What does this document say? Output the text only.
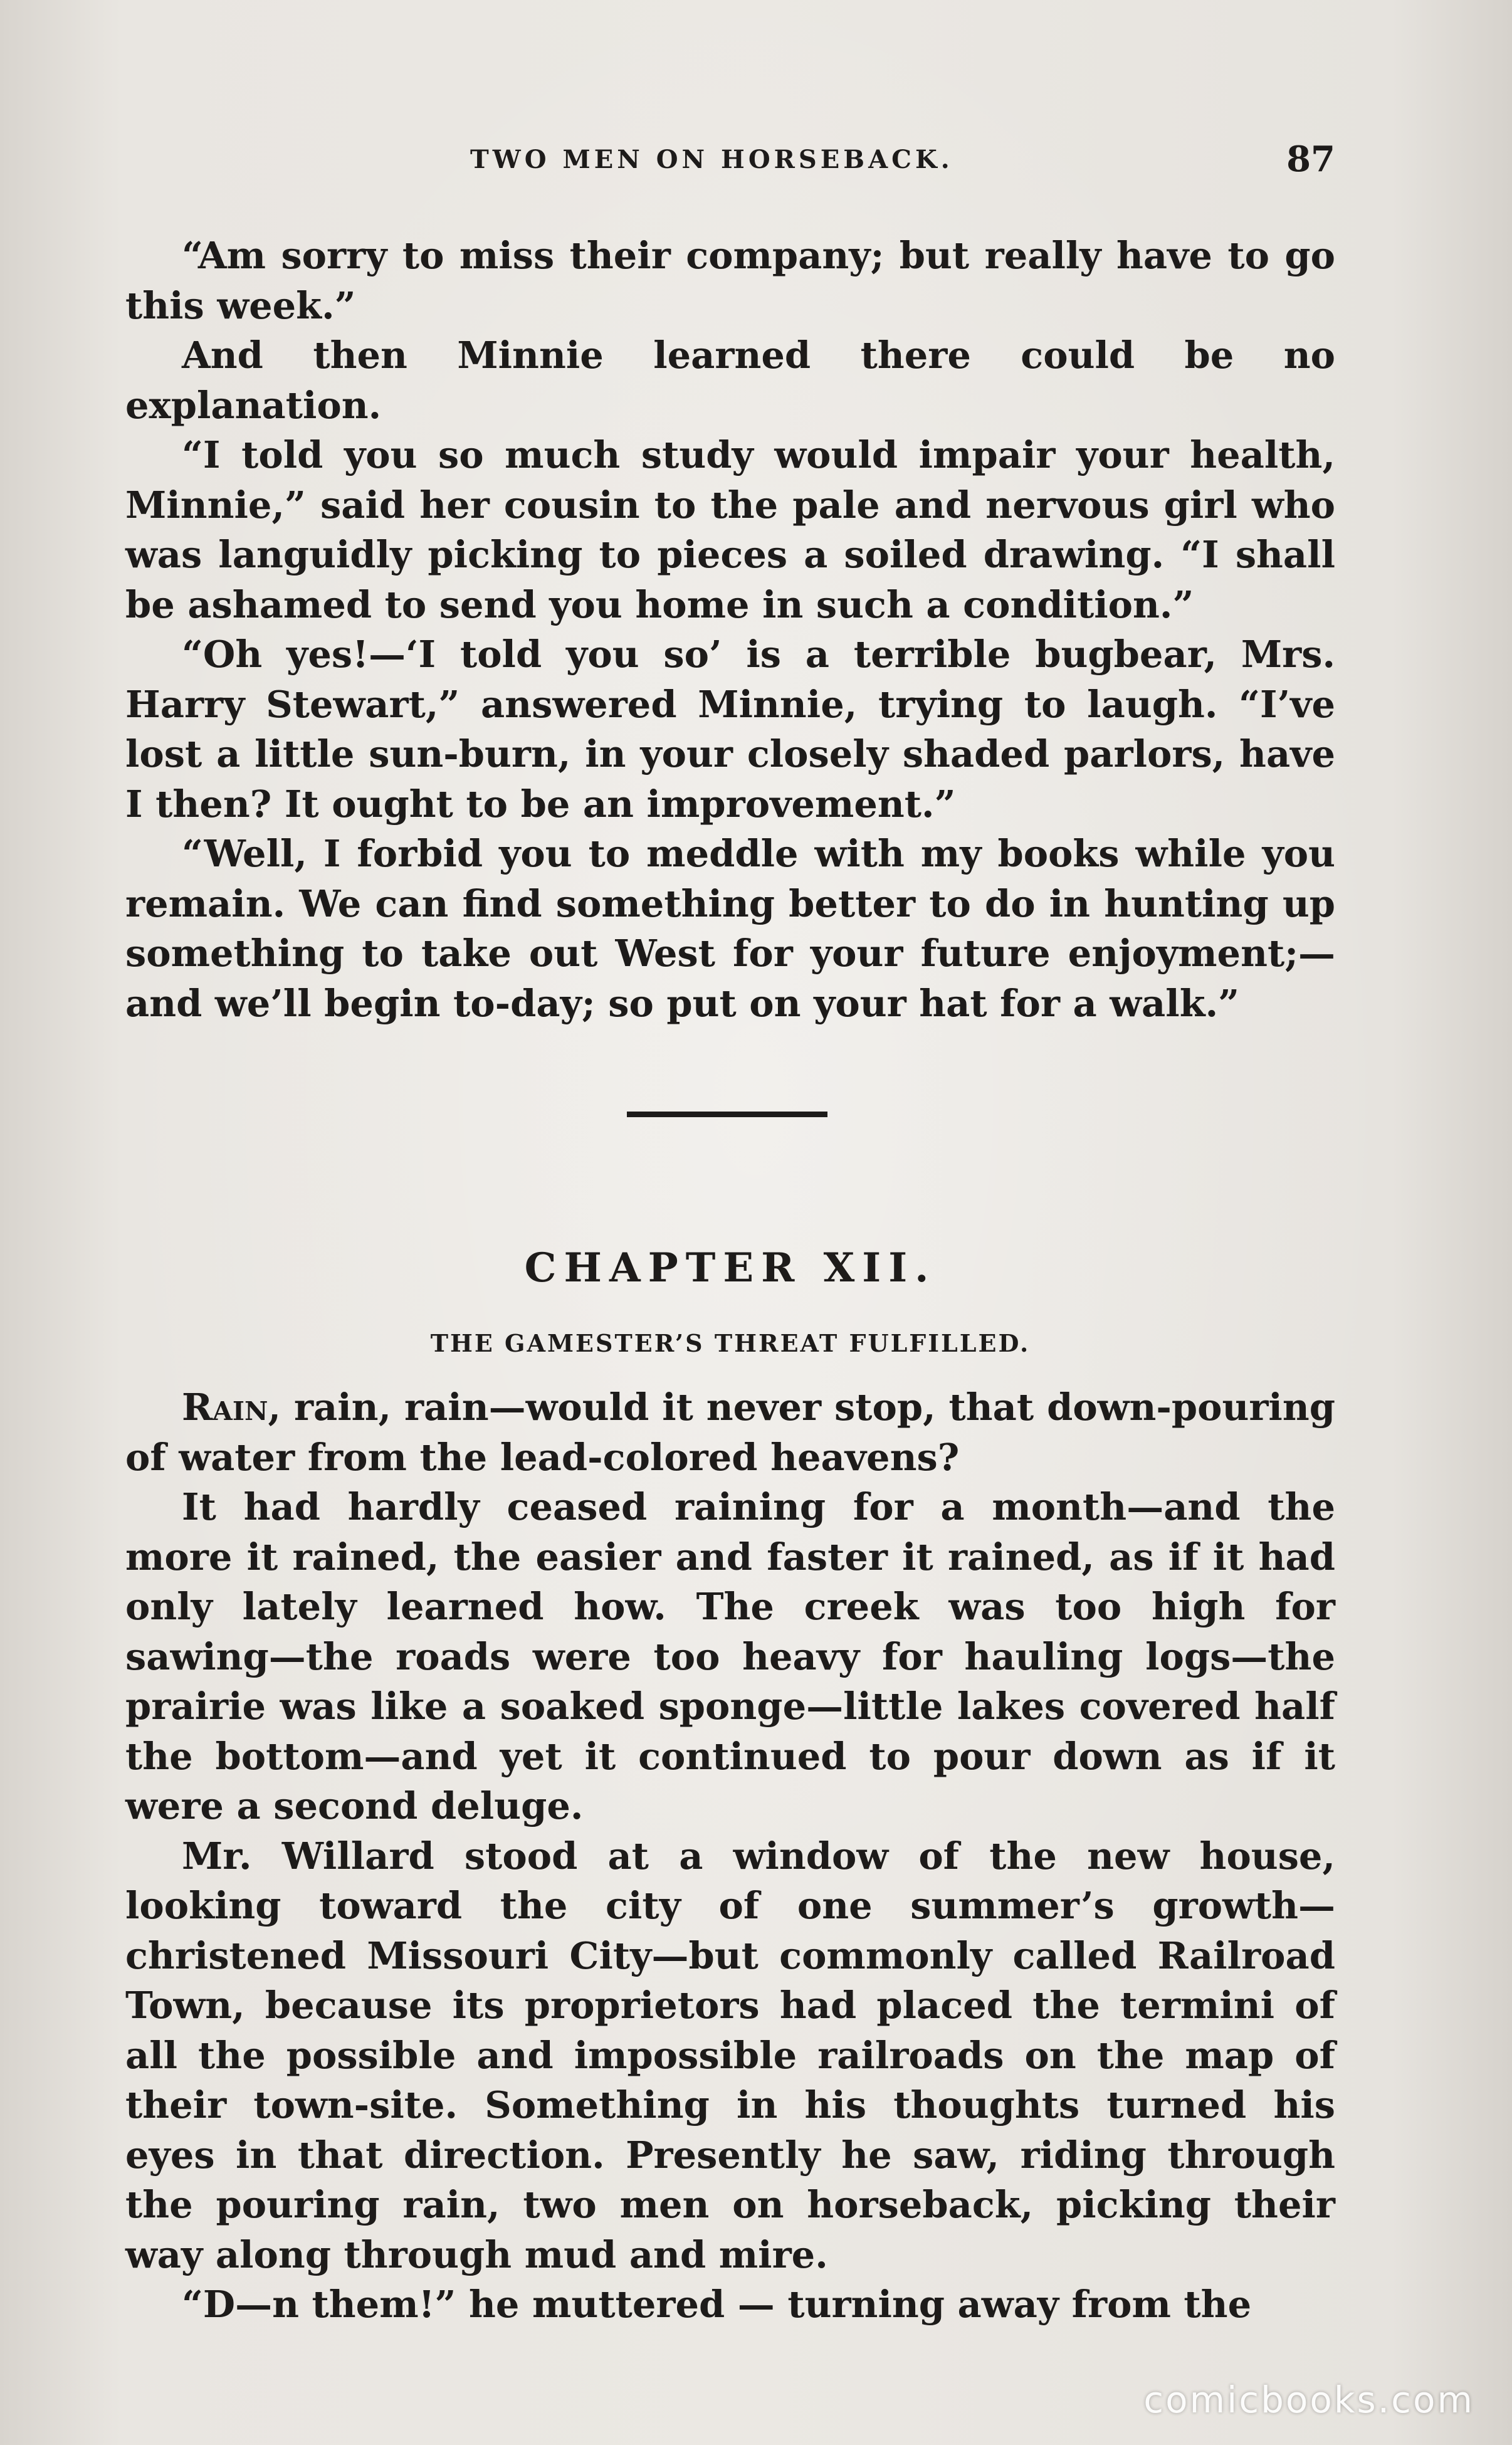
TWO MEN ON HORSEBACK.	87

“Am sorry to miss their company; but really have to go this week.”

And then Minnie learned there could be no explanation.

“I told you so much study would impair your health, Minnie,” said her cousin to the pale and nervous girl who was languidly picking to pieces a soiled drawing. “I shall be ashamed to send you home in such a condition.”

“Oh yes!—‘I told you so’ is a terrible bugbear, Mrs. Harry Stewart,” answered Minnie, trying to laugh. “I’ve lost a little sun-burn, in your closely shaded parlors, have I then? It ought to be an improvement.”

“Well, I forbid you to meddle with my books while you remain. We can find something better to do in hunting up something to take out West for your future enjoyment;—and we’ll begin to-day; so put on your hat for a walk.”

CHAPTER XII.
THE GAMESTER’S THREAT FULFILLED.

Rain, rain, rain—would it never stop, that down-pouring of water from the lead-colored heavens?

It had hardly ceased raining for a month—and the more it rained, the easier and faster it rained, as if it had only lately learned how. The creek was too high for sawing—the roads were too heavy for hauling logs—the prairie was like a soaked sponge—little lakes covered half the bottom—and yet it continued to pour down as if it were a second deluge.

Mr. Willard stood at a window of the new house, looking toward the city of one summer’s growth—christened Missouri City—but commonly called Railroad Town, because its proprietors had placed the termini of all the possible and impossible railroads on the map of their town-site. Something in his thoughts turned his eyes in that direction. Presently he saw, riding through the pouring rain, two men on horseback, picking their way along through mud and mire.

“D—n them!” he muttered — turning away from the

comicbooks.com
